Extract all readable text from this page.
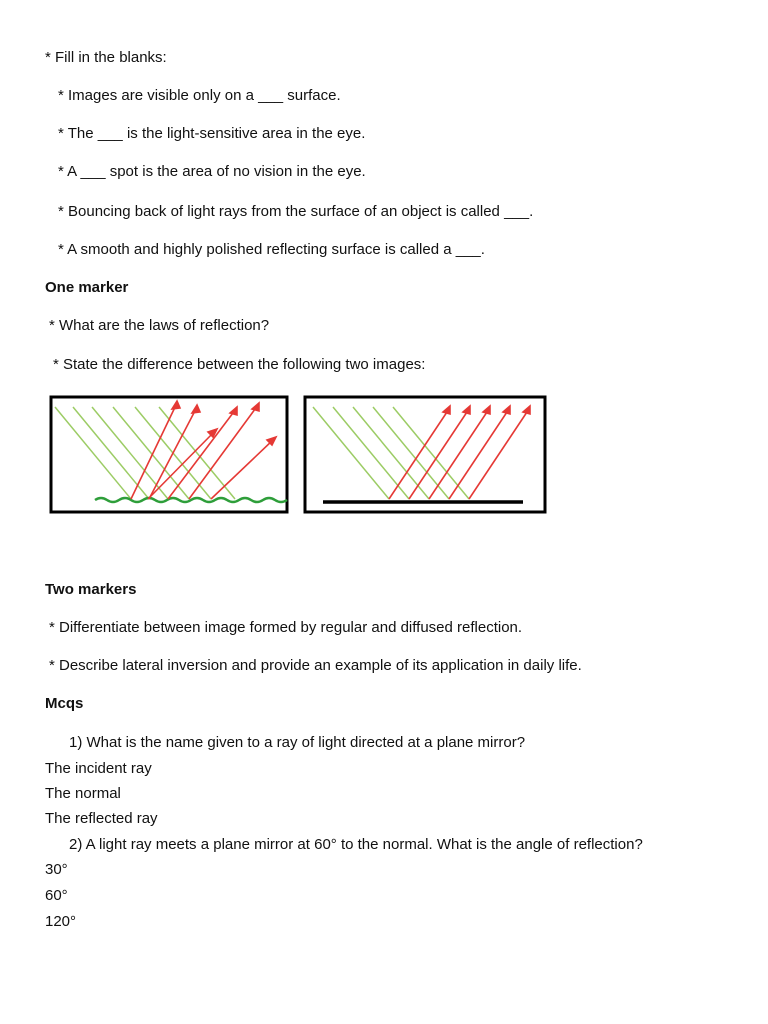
* Fill in the blanks:
* Images are visible only on a ___ surface.
* The ___ is the light-sensitive area in the eye.
* A ___ spot is the area of no vision in the eye.
* Bouncing back of light rays from the surface of an object is called ___.
* A smooth and highly polished reflecting surface is called a ___.
One marker
* What are the laws of reflection?
* State the difference between the following two images:
Two markers
* Differentiate between image formed by regular and diffused reflection.
* Describe lateral inversion and provide an example of its application in daily life.
Mcqs
1) What is the name given to a ray of light directed at a plane mirror?
The incident ray
The normal
The reflected ray
2) A light ray meets a plane mirror at 60° to the normal. What is the angle of reflection?
30°
60°
120°
